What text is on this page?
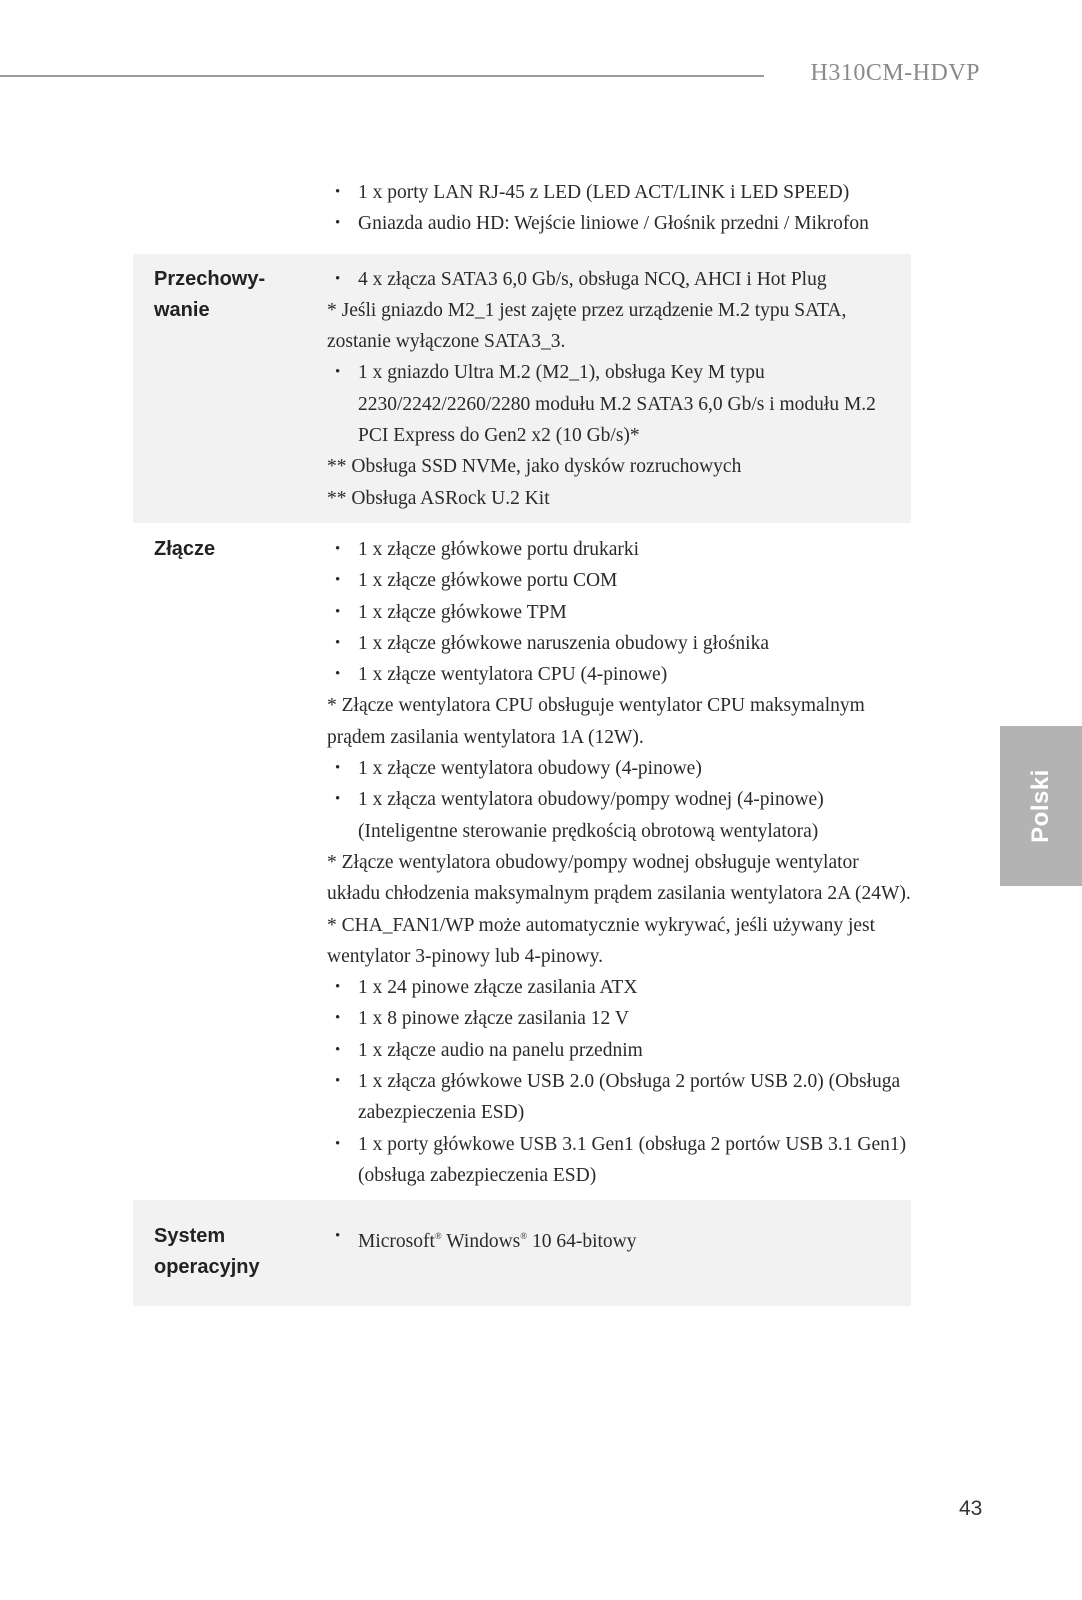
H310CM-HDVP
• 1 x porty LAN RJ-45 z LED (LED ACT/LINK i LED SPEED)
• Gniazda audio HD: Wejście liniowe / Głośnik przedni / Mikrofon
Przechowy-
wanie
• 4 x złącza SATA3 6,0 Gb/s, obsługa NCQ, AHCI i Hot Plug
* Jeśli gniazdo M2_1 jest zajęte przez urządzenie M.2 typu SATA, zostanie wyłączone SATA3_3.
• 1 x gniazdo Ultra M.2 (M2_1), obsługa Key M typu 2230/2242/2260/2280 modułu M.2 SATA3 6,0 Gb/s i modułu M.2 PCI Express do Gen2 x2 (10 Gb/s)*
** Obsługa SSD NVMe, jako dysków rozruchowych
** Obsługa ASRock U.2 Kit
Złącze
•	1 x złącze główkowe portu drukarki
• 1 x złącze główkowe portu COM
• 1 x złącze główkowe TPM
• 1 x złącze główkowe naruszenia obudowy i głośnika
• 1 x złącze wentylatora CPU (4-pinowe)
* Złącze wentylatora CPU obsługuje wentylator CPU maksymalnym prądem zasilania wentylatora 1A (12W).
• 1 x złącze wentylatora obudowy (4-pinowe)
• 1 x złącza wentylatora obudowy/pompy wodnej (4-pinowe) (Inteligentne sterowanie prędkością obrotową wentylatora)
* Złącze wentylatora obudowy/pompy wodnej obsługuje wentylator układu chłodzenia maksymalnym prądem zasilania wentylatora 2A (24W).
* CHA_FAN1/WP może automatycznie wykrywać, jeśli używany jest wentylator 3-pinowy lub 4-pinowy.
• 1 x 24 pinowe złącze zasilania ATX
• 1 x 8 pinowe złącze zasilania 12 V
• 1 x złącze audio na panelu przednim
• 1 x złącza główkowe USB 2.0 (Obsługa 2 portów USB 2.0) (Obsługa zabezpieczenia ESD)
• 1 x porty główkowe USB 3.1 Gen1 (obsługa 2 portów USB 3.1 Gen1) (obsługa zabezpieczenia ESD)
System
operacyjny
• Microsoft® Windows® 10 64-bitowy
Polski
43
